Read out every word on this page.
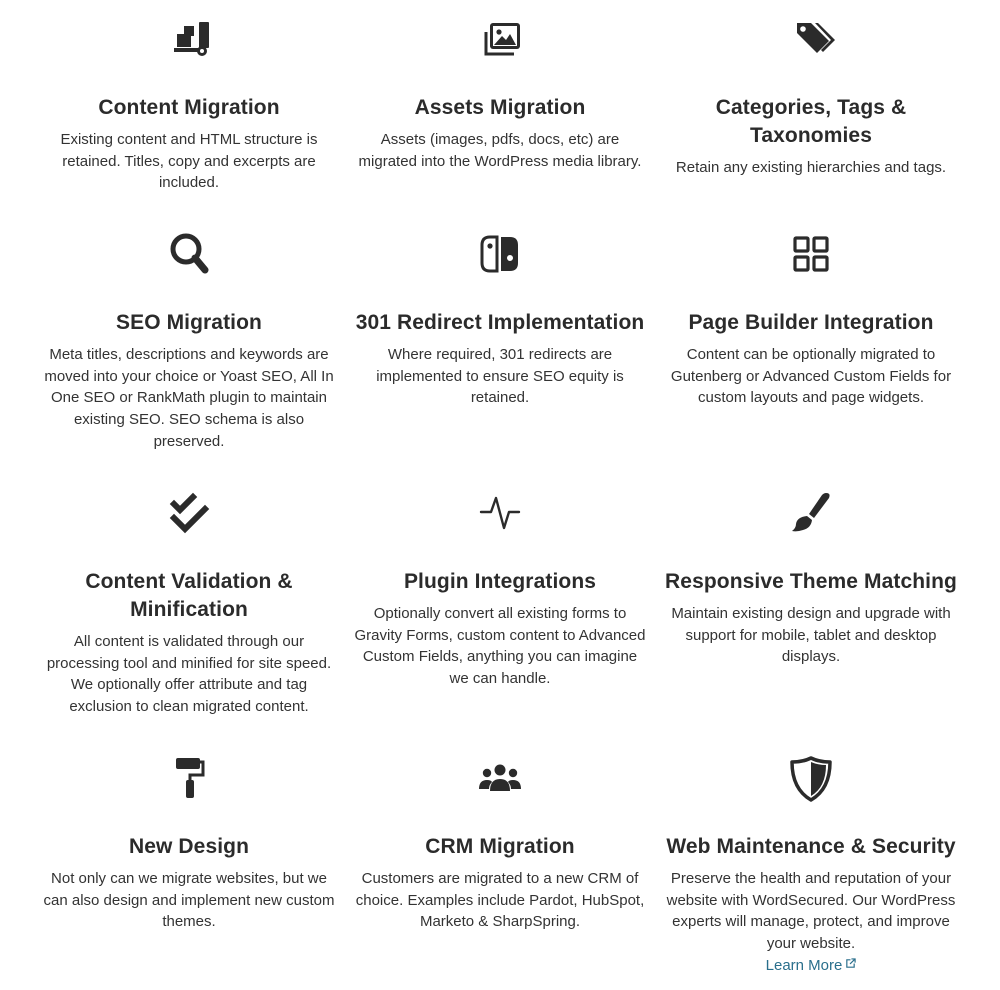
Content Migration
Existing content and HTML structure is retained. Titles, copy and excerpts are included.
Assets Migration
Assets (images, pdfs, docs, etc) are migrated into the WordPress media library.
Categories, Tags & Taxonomies
Retain any existing hierarchies and tags.
SEO Migration
Meta titles, descriptions and keywords are moved into your choice or Yoast SEO, All In One SEO or RankMath plugin to maintain existing SEO. SEO schema is also preserved.
301 Redirect Implementation
Where required, 301 redirects are implemented to ensure SEO equity is retained.
Page Builder Integration
Content can be optionally migrated to Gutenberg or Advanced Custom Fields for custom layouts and page widgets.
Content Validation & Minification
All content is validated through our processing tool and minified for site speed. We optionally offer attribute and tag exclusion to clean migrated content.
Plugin Integrations
Optionally convert all existing forms to Gravity Forms, custom content to Advanced Custom Fields, anything you can imagine we can handle.
Responsive Theme Matching
Maintain existing design and upgrade with support for mobile, tablet and desktop displays.
New Design
Not only can we migrate websites, but we can also design and implement new custom themes.
CRM Migration
Customers are migrated to a new CRM of choice. Examples include Pardot, HubSpot, Marketo & SharpSpring.
Web Maintenance & Security
Preserve the health and reputation of your website with WordSecured. Our WordPress experts will manage, protect, and improve your website.
Learn More
